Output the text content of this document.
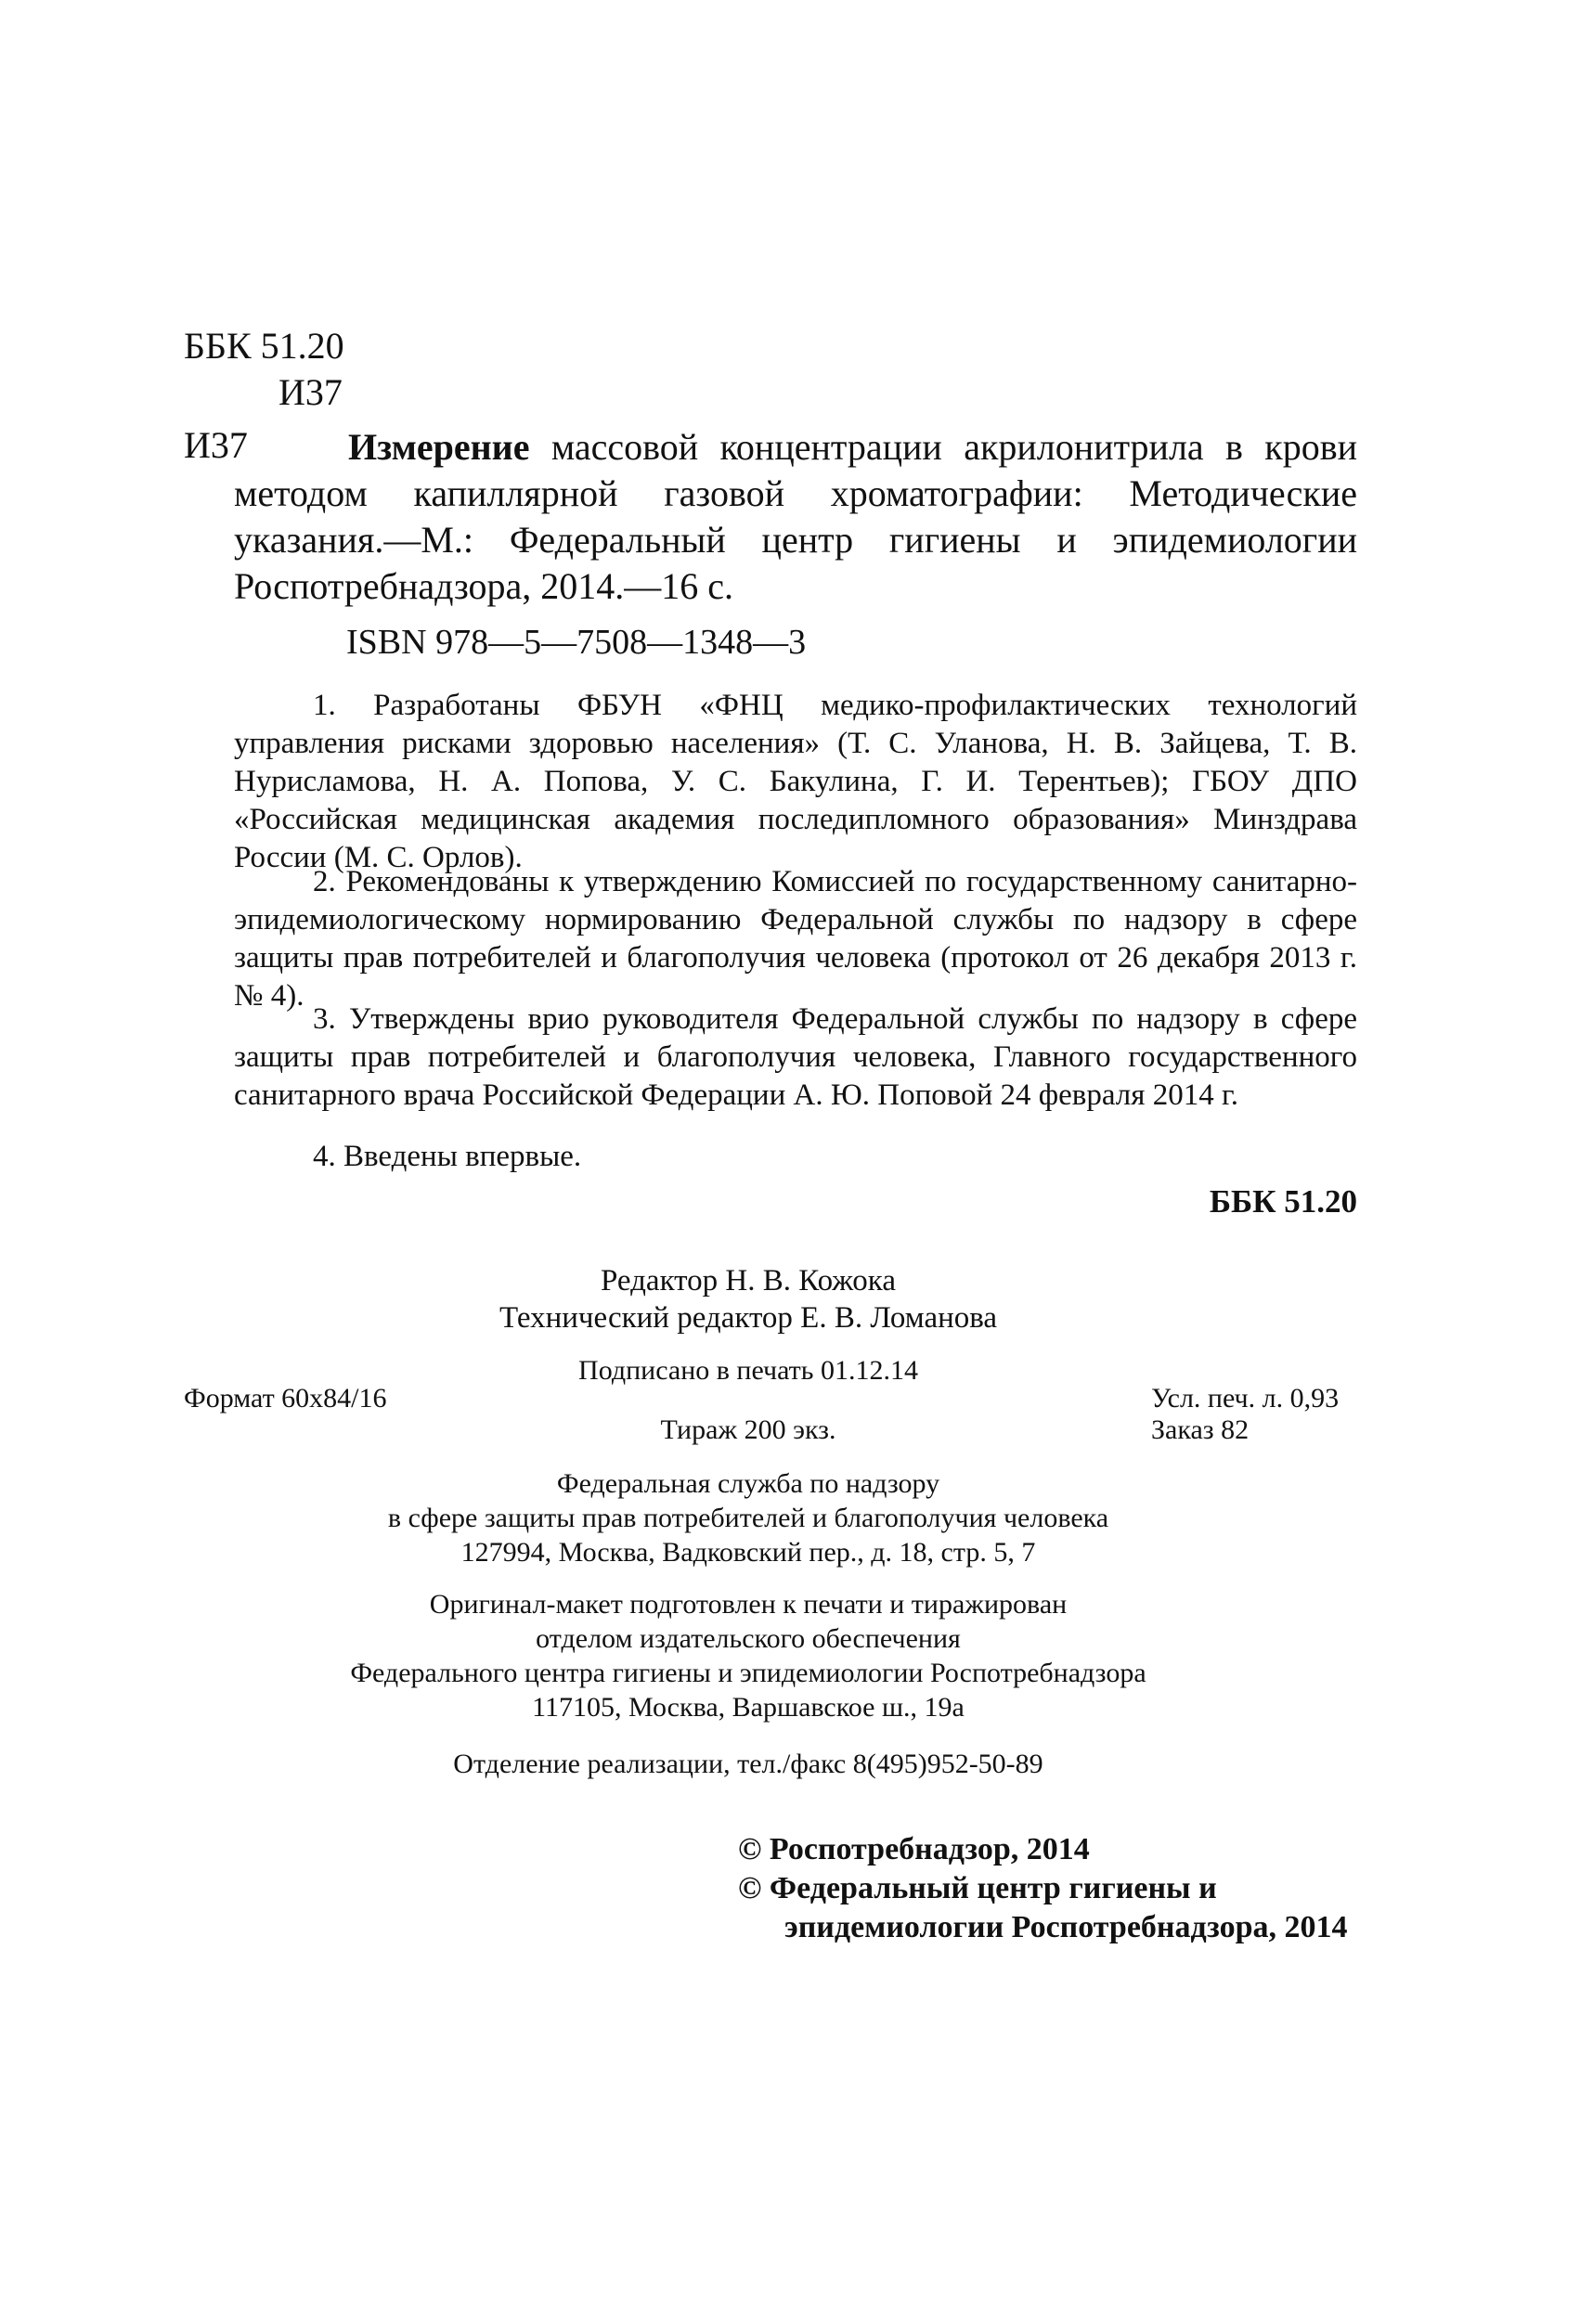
ББК 51.20
И37
И37	Измерение массовой концентрации акрилонитрила в крови методом капиллярной газовой хроматографии: Методические указания.—М.: Федеральный центр гигиены и эпидемиологии Роспотребнадзора, 2014.—16 с.
ISBN 978—5—7508—1348—3
1. Разработаны ФБУН «ФНЦ медико-профилактических технологий управления рисками здоровью населения» (Т. С. Уланова, Н. В. Зайцева, Т. В. Нурисламова, Н. А. Попова, У. С. Бакулина, Г. И. Терентьев); ГБОУ ДПО «Российская медицинская академия последипломного образования» Минздрава России (М. С. Орлов).
2. Рекомендованы к утверждению Комиссией по государственному санитарно-эпидемиологическому нормированию Федеральной службы по надзору в сфере защиты прав потребителей и благополучия человека (протокол от 26 декабря 2013 г. № 4).
3. Утверждены врио руководителя Федеральной службы по надзору в сфере защиты прав потребителей и благополучия человека, Главного государственного санитарного врача Российской Федерации А. Ю. Поповой 24 февраля 2014 г.
4. Введены впервые.
ББК 51.20
Редактор Н. В. Кожока
Технический редактор Е. В. Ломанова
Подписано в печать 01.12.14
Формат 60x84/16	Усл. печ. л. 0,93
Тираж 200 экз.	Заказ 82
Федеральная служба по надзору
в сфере защиты прав потребителей и благополучия человека
127994, Москва, Вадковский пер., д. 18, стр. 5, 7
Оригинал-макет подготовлен к печати и тиражирован
отделом издательского обеспечения
Федерального центра гигиены и эпидемиологии Роспотребнадзора
117105, Москва, Варшавское ш., 19а
Отделение реализации, тел./факс 8(495)952-50-89
© Роспотребнадзор, 2014
© Федеральный центр гигиены и
эпидемиологии Роспотребнадзора, 2014
